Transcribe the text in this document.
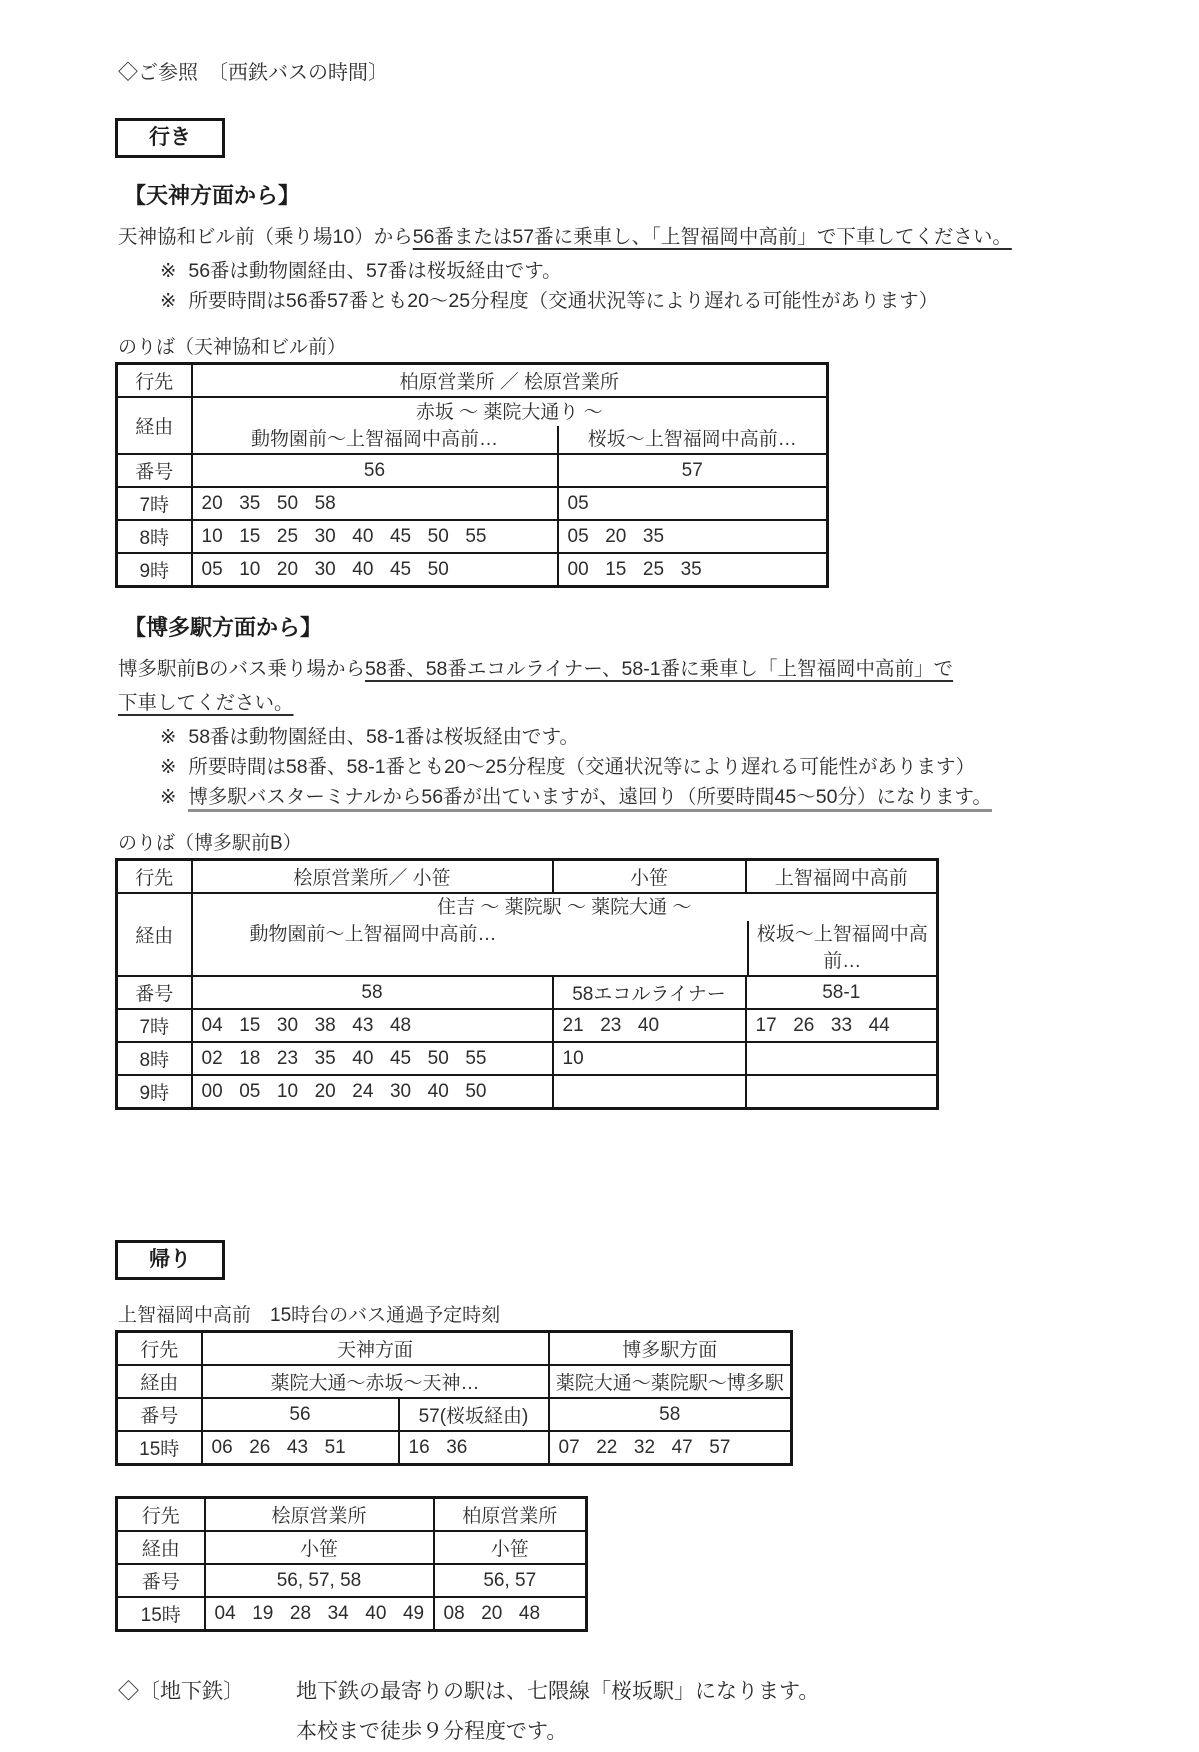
◇ご参照　〔西鉄バスの時間〕
行き
【天神方面から】

天神協和ビル前（乗り場10）から56番または57番に乗車し、「上智福岡中高前」で下車してください。

※ 56番は動物園経由、57番は桜坂経由です。
※ 所要時間は56番57番とも20～25分程度（交通状況等により遅れる可能性があります）
のりば（天神協和ビル前）
行先	柏原営業所 ／ 桧原営業所	
経由	赤坂 ～ 薬院大通り ～
動物園前～上智福岡中高前… 桜坂～上智福岡中高前…	

番号	56	57
7時	20  35  50  58	05
8時	10  15  25  30  40  45  50  55	05  20  35
9時	05  10  20  30  40  45  50	00  15  25  35
【博多駅方面から】

博多駅前Bのバス乗り場から58番、58番エコルライナー、58-1番に乗車し「上智福岡中高前」で
下車してください。

※ 58番は動物園経由、58-1番は桜坂経由です。
※ 所要時間は58番、58-1番とも20～25分程度（交通状況等により遅れる可能性があります）
※ 博多駅バスターミナルから56番が出ていますが、遠回り（所要時間45～50分）になります。
のりば（博多駅前B）
行先	桧原営業所／ 小笹	小笹	上智福岡中高前
経由	住吉 ～ 薬院駅 ～ 薬院大通 ～
動物園前～上智福岡中高前… 桜坂～上智福岡中高前…		

番号	58	58エコルライナー	58-1
7時	04  15  30  38  43  48	21  23  40	17  26  33  44
8時	02  18  23  35  40  45  50  55	10	
9時	00  05  10  20  24  30  40  50		
帰り
上智福岡中高前　15時台のバス通過予定時刻
行先	天神方面		博多駅方面
経由	薬院大通～赤坂～天神…		薬院大通～薬院駅～博多駅
番号	56	57(桜坂経由)	58
15時	06  26  43  51	16  36	07  22  32  47  57
行先	桧原営業所	柏原営業所
経由	小笹	小笹
番号	56, 57, 58	56, 57
15時	04  19  28  34  40  49	08  20  48
◇〔地下鉄〕	地下鉄の最寄りの駅は、七隈線「桜坂駅」になります。
本校まで徒歩９分程度です。
